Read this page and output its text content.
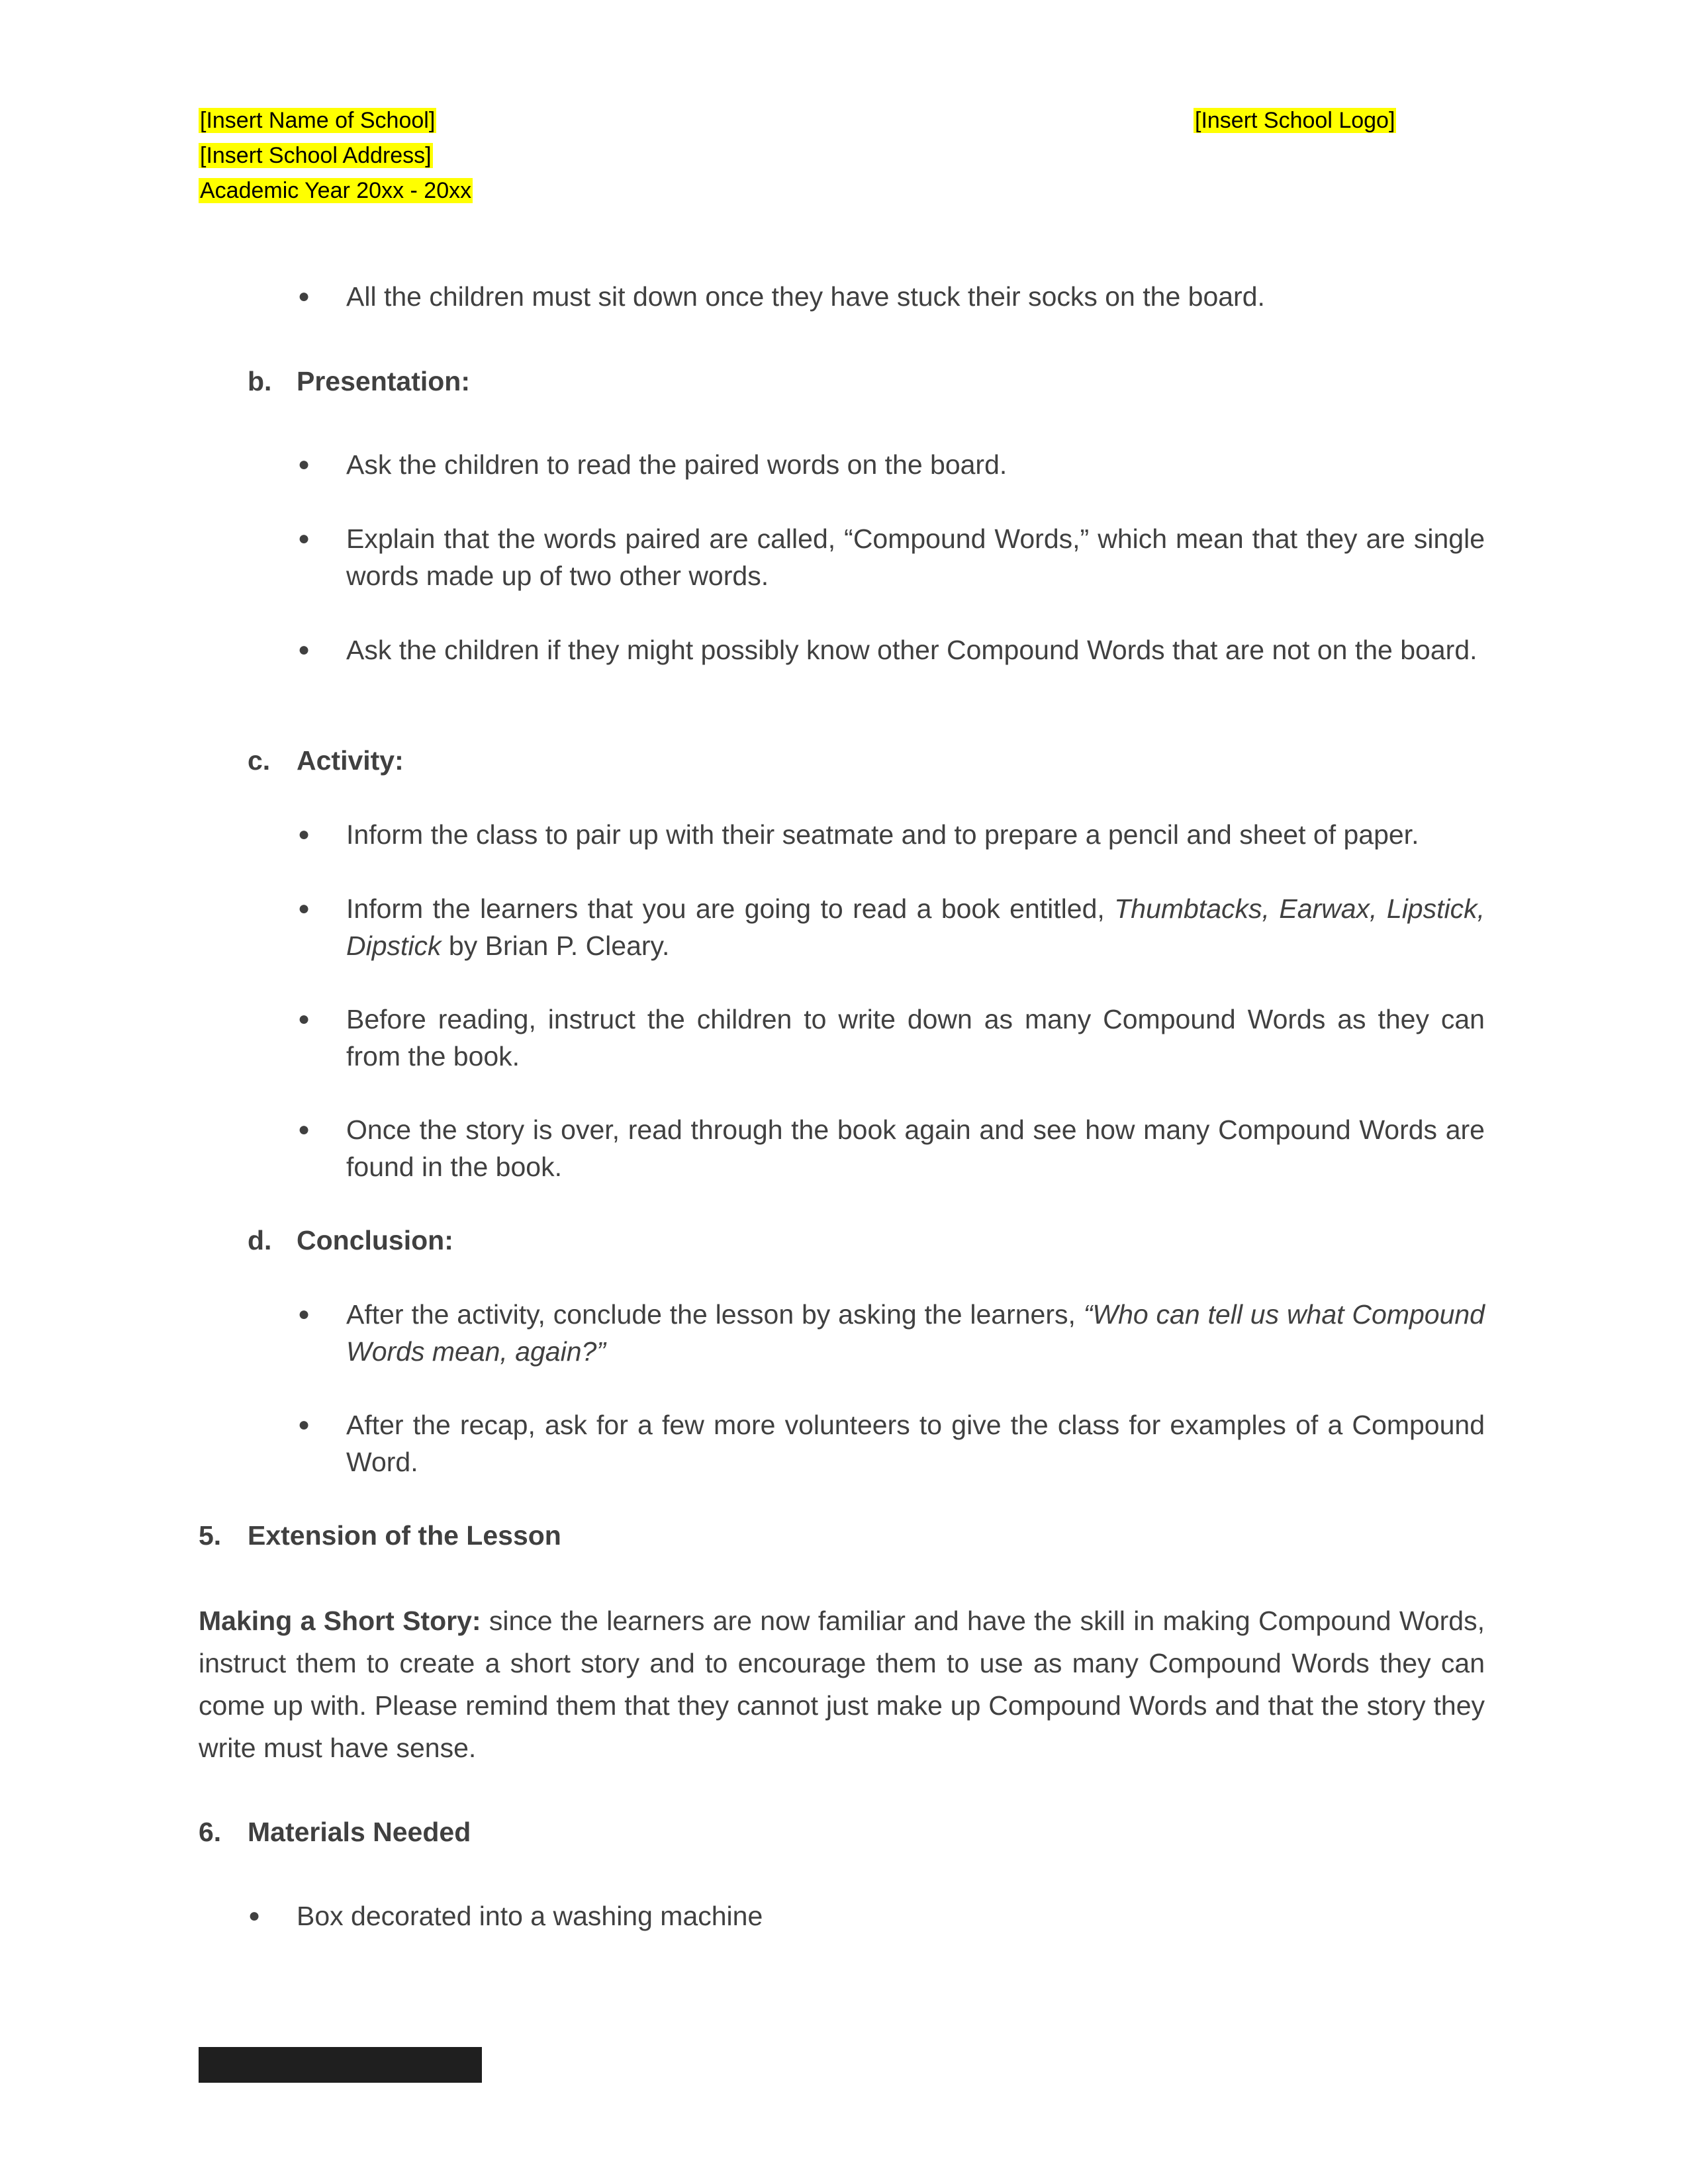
[Insert Name of School]
[Insert School Address]
Academic Year 20xx - 20xx
[Insert School Logo]
● All the children must sit down once they have stuck their socks on the board.
b. Presentation:
● Ask the children to read the paired words on the board.
● Explain that the words paired are called, “Compound Words,” which mean that they are single words made up of two other words.
● Ask the children if they might possibly know other Compound Words that are not on the board.
c. Activity:
● Inform the class to pair up with their seatmate and to prepare a pencil and sheet of paper.
● Inform the learners that you are going to read a book entitled, Thumbtacks, Earwax, Lipstick, Dipstick by Brian P. Cleary.
● Before reading, instruct the children to write down as many Compound Words as they can from the book.
● Once the story is over, read through the book again and see how many Compound Words are found in the book.
d. Conclusion:
● After the activity, conclude the lesson by asking the learners, “Who can tell us what Compound Words mean, again?”
● After the recap, ask for a few more volunteers to give the class for examples of a Compound Word.
5. Extension of the Lesson
Making a Short Story: since the learners are now familiar and have the skill in making Compound Words, instruct them to create a short story and to encourage them to use as many Compound Words they can come up with. Please remind them that they cannot just make up Compound Words and that the story they write must have sense.
6. Materials Needed
● Box decorated into a washing machine
